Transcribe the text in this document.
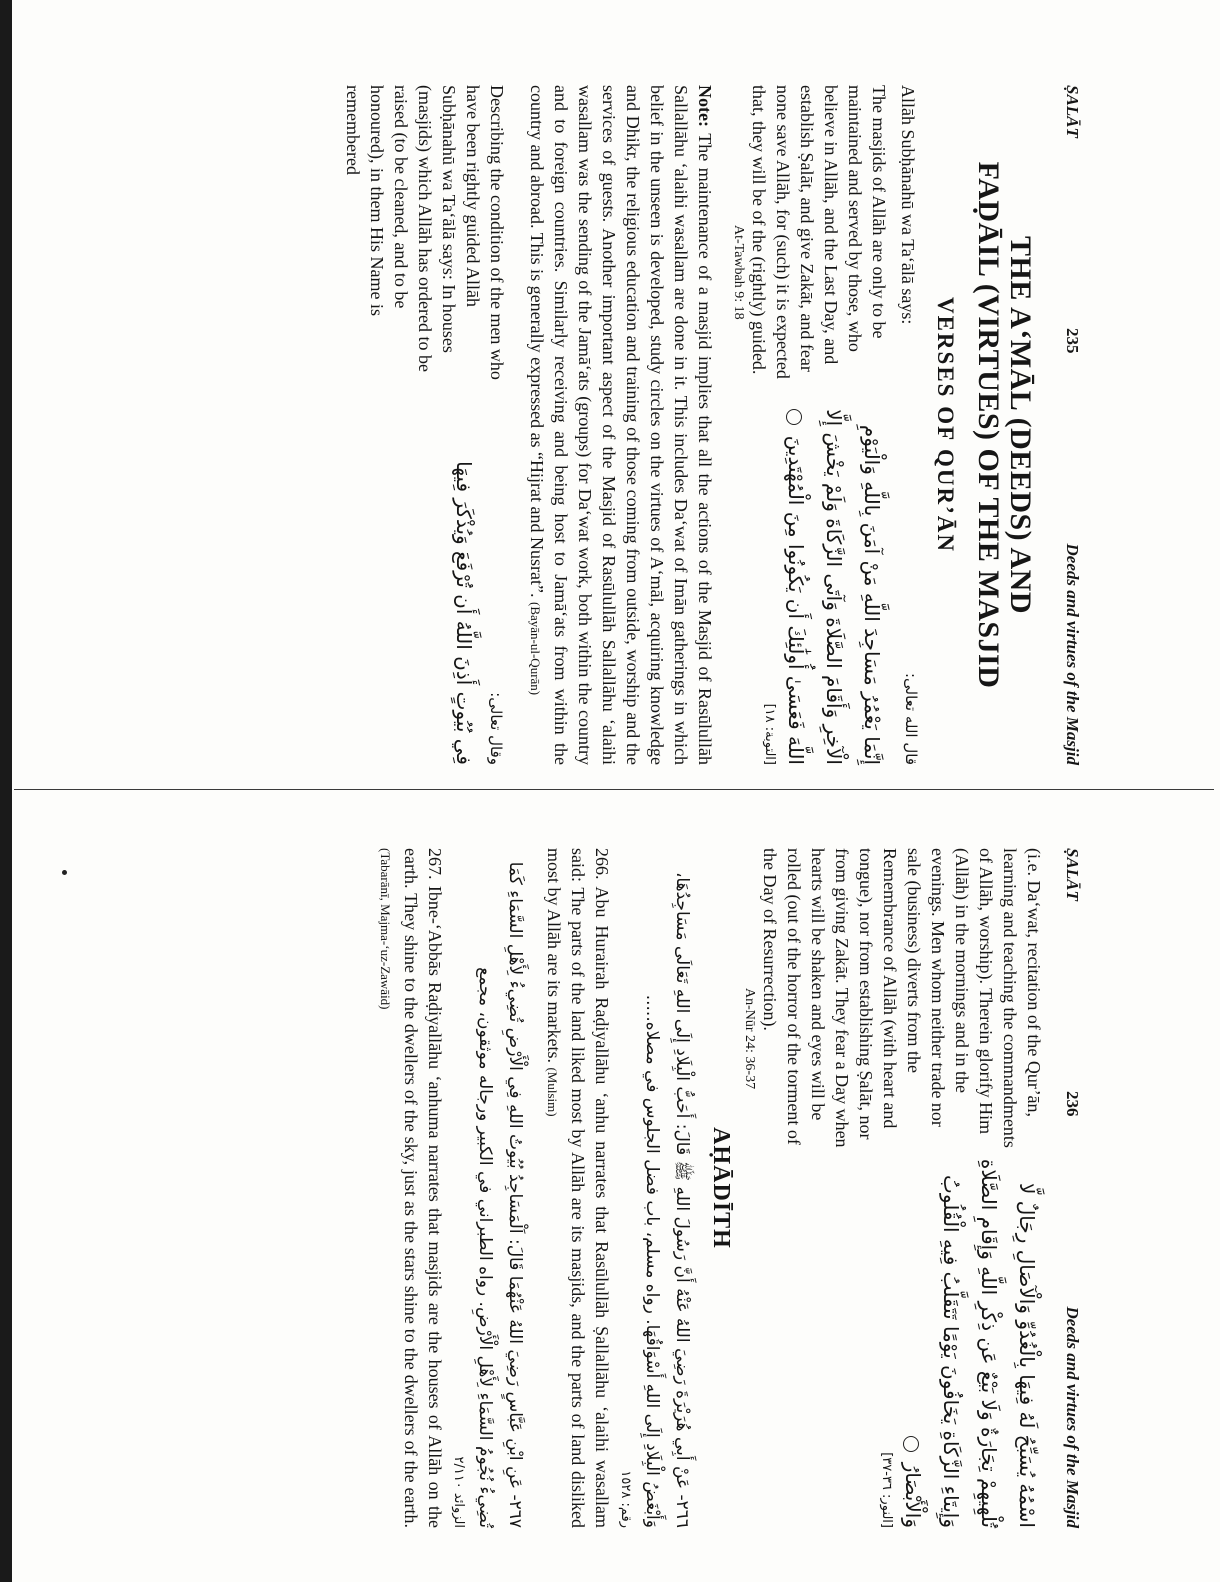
ṢALĀT
235
Deeds and virtues of the Masjid
THE A‘MĀL (DEEDS) AND
FAḌĀIL (VIRTUES) OF THE MASJID
VERSES OF QUR’ĀN
Allāh Subḥānahū wa Ta‘ālā says:
قال الله تعالى:
The masjids of Allāh are only to be maintained and served by those, who believe in Allāh, and the Last Day, and establish Ṣalāt, and give Zakāt, and fear none save Allāh, for (such) it is expected that, they will be of the (rightly) guided.

At-Tawbah 9: 18

إِنَّمَا يَعْمُرُ مَسَاجِدَ اللَّهِ مَنْ آمَنَ بِاللَّهِ وَالْيَوْمِ الْآخِرِ وَأَقَامَ الصَّلَاةَ وَآتَى الزَّكَاةَ وَلَمْ يَخْشَ إِلَّا اللَّهَ فَعَسَىٰ أُولَٰئِكَ أَن يَكُونُوا مِنَ الْمُهْتَدِينَ

[التوبة: ١٨]

Note: The maintenance of a masjid implies that all the actions of the Masjid of Rasūlullāh Sallallāhu ‘alaihi wasallam are done in it. This includes Da‘wat of Imān gatherings in which belief in the unseen is developed, study circles on the virtues of A‘māl, acquiring knowledge and Dhikr, the religious education and training of those coming from outside, worship and the services of guests. Another important aspect of the Masjid of Rasūlullāh Sallallāhu ‘alaihi wasallam was the sending of the Jamā‘ats (groups) for Da‘wat work, both within the country and to foreign countries. Similarly receiving and being host to Jamā‘ats from within the country and abroad. This is generally expressed as “Hijrat and Nusrat”. (Bayān-ul-Qurān)

Describing the condition of the men who have been rightly guided Allāh Subḥānahū wa Ta‘ālā says: In houses (masjids) which Allāh has ordered to be raised (to be cleaned, and to be honoured), in them His Name is remembered

وقال تعالى:

فِي بُيُوتٍ أَذِنَ اللَّهُ أَن تُرْفَعَ وَيُذْكَرَ فِيهَا

ṢALĀT
236
Deeds and virtues of the Masjid
(i.e. Da‘wat, recitation of the Qur’ān, learning and teaching the commandments of Allāh, worship). Therein glorify Him (Allāh) in the mornings and in the evenings. Men whom neither trade nor sale (business) diverts from the Remembrance of Allāh (with heart and tongue), nor from establishing Ṣalāt, nor from giving Zakāt. They fear a Day when hearts will be shaken and eyes will be rolled (out of the horror of the torment of the Day of Resurrection).

An-Nūr 24: 36-37

اسْمُهُ يُسَبِّحُ لَهُ فِيهَا بِالْغُدُوِّ وَالْآصَالِ رِجَالٌ لَّا تُلْهِيهِمْ تِجَارَةٌ وَلَا بَيْعٌ عَن ذِكْرِ اللَّهِ وَإِقَامِ الصَّلَاةِ وَإِيتَاءِ الزَّكَاةِ يَخَافُونَ يَوْمًا تَتَقَلَّبُ فِيهِ الْقُلُوبُ وَالْأَبْصَارُ

[النور: ٣٦-٣٧]

AḤĀDĪTH

٢٦٦- عَنْ أَبِي هُرَيْرَةَ رَضِيَ اللهُ عَنْهُ أَنَّ رَسُولَ اللهِ ﷺ قَالَ: أَحَبُّ الْبِلَادِ إِلَى اللهِ تَعَالَى مَسَاجِدُهَا، وَأَبْغَضُ الْبِلَادِ إِلَى اللهِ أَسْوَاقُهَا. رواه مسلم، باب فضل الجلوس في مصلاه.....

رقم: ١٥٢٨

266. Abu Hurairah Raḍiyallāhu ‘anhu narrates that Rasūlullāh Ṣallallāhu ‘alaihi wasallam said: The parts of the land liked most by Allāh are its masjids, and the parts of land disliked most by Allāh are its markets. (Mulsim)

٢٦٧- عَنِ ابْنِ عَبَّاسٍ رَضِيَ اللهُ عَنْهُمَا قَالَ: اَلْمَسَاجِدُ بُيُوتُ اللهِ فِي الْأَرْضِ تُضِيءُ لِأَهْلِ السَّمَاءِ كَمَا تُضِيءُ نُجُومُ السَّمَاءِ لِأَهْلِ الْأَرْضِ. رواه الطبراني في الكبير ورجاله موثقون، مجمع

الزوائد ٢/١١٠

267. Ibne-‘Abbās Raḍiyallāhu ‘anhuma narrates that masjids are the houses of Allāh on the earth. They shine to the dwellers of the sky, just as the stars shine to the dwellers of the earth. (Tabarānī, Majma-‘uz-Zawāid)
